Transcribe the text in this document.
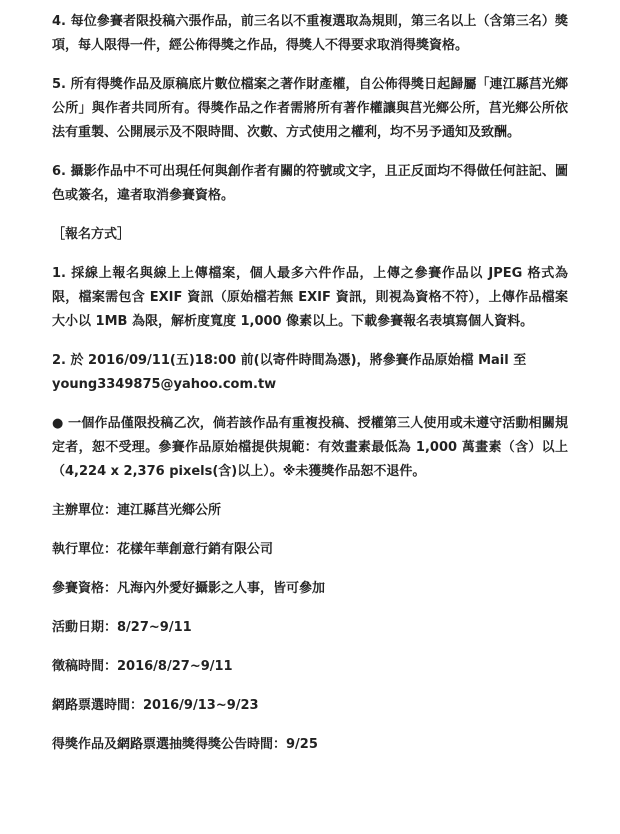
4. 每位參賽者限投稿六張作品，前三名以不重複選取為規則，第三名以上（含第三名）獎項，每人限得一件，經公佈得獎之作品，得獎人不得要求取消得獎資格。

5. 所有得獎作品及原稿底片數位檔案之著作財產權，自公佈得獎日起歸屬「連江縣莒光鄉公所」與作者共同所有。得獎作品之作者需將所有著作權讓與莒光鄉公所，莒光鄉公所依法有重製、公開展示及不限時間、次數、方式使用之權利，均不另予通知及致酬。

6. 攝影作品中不可出現任何與創作者有關的符號或文字，且正反面均不得做任何註記、圖色或簽名，違者取消參賽資格。

［報名方式］

1. 採線上報名與線上上傳檔案，個人最多六件作品，上傳之參賽作品以 JPEG 格式為限，檔案需包含 EXIF 資訊（原始檔若無 EXIF 資訊，則視為資格不符），上傳作品檔案大小以 1MB 為限，解析度寬度 1,000 像素以上。下載參賽報名表填寫個人資料。

2. 於 2016/09/11(五)18:00 前(以寄件時間為憑)，將參賽作品原始檔 Mail 至
young3349875@yahoo.com.tw

● 一個作品僅限投稿乙次，倘若該作品有重複投稿、授權第三人使用或未遵守活動相關規定者，恕不受理。參賽作品原始檔提供規範：有效畫素最低為 1,000 萬畫素（含）以上（4,224 x 2,376 pixels(含)以上）。※未獲獎作品恕不退件。

主辦單位：連江縣莒光鄉公所

執行單位：花樣年華創意行銷有限公司

參賽資格：凡海內外愛好攝影之人事，皆可參加

活動日期：8/27~9/11

徵稿時間：2016/8/27~9/11

網路票選時間：2016/9/13~9/23

得獎作品及網路票選抽獎得獎公告時間：9/25
